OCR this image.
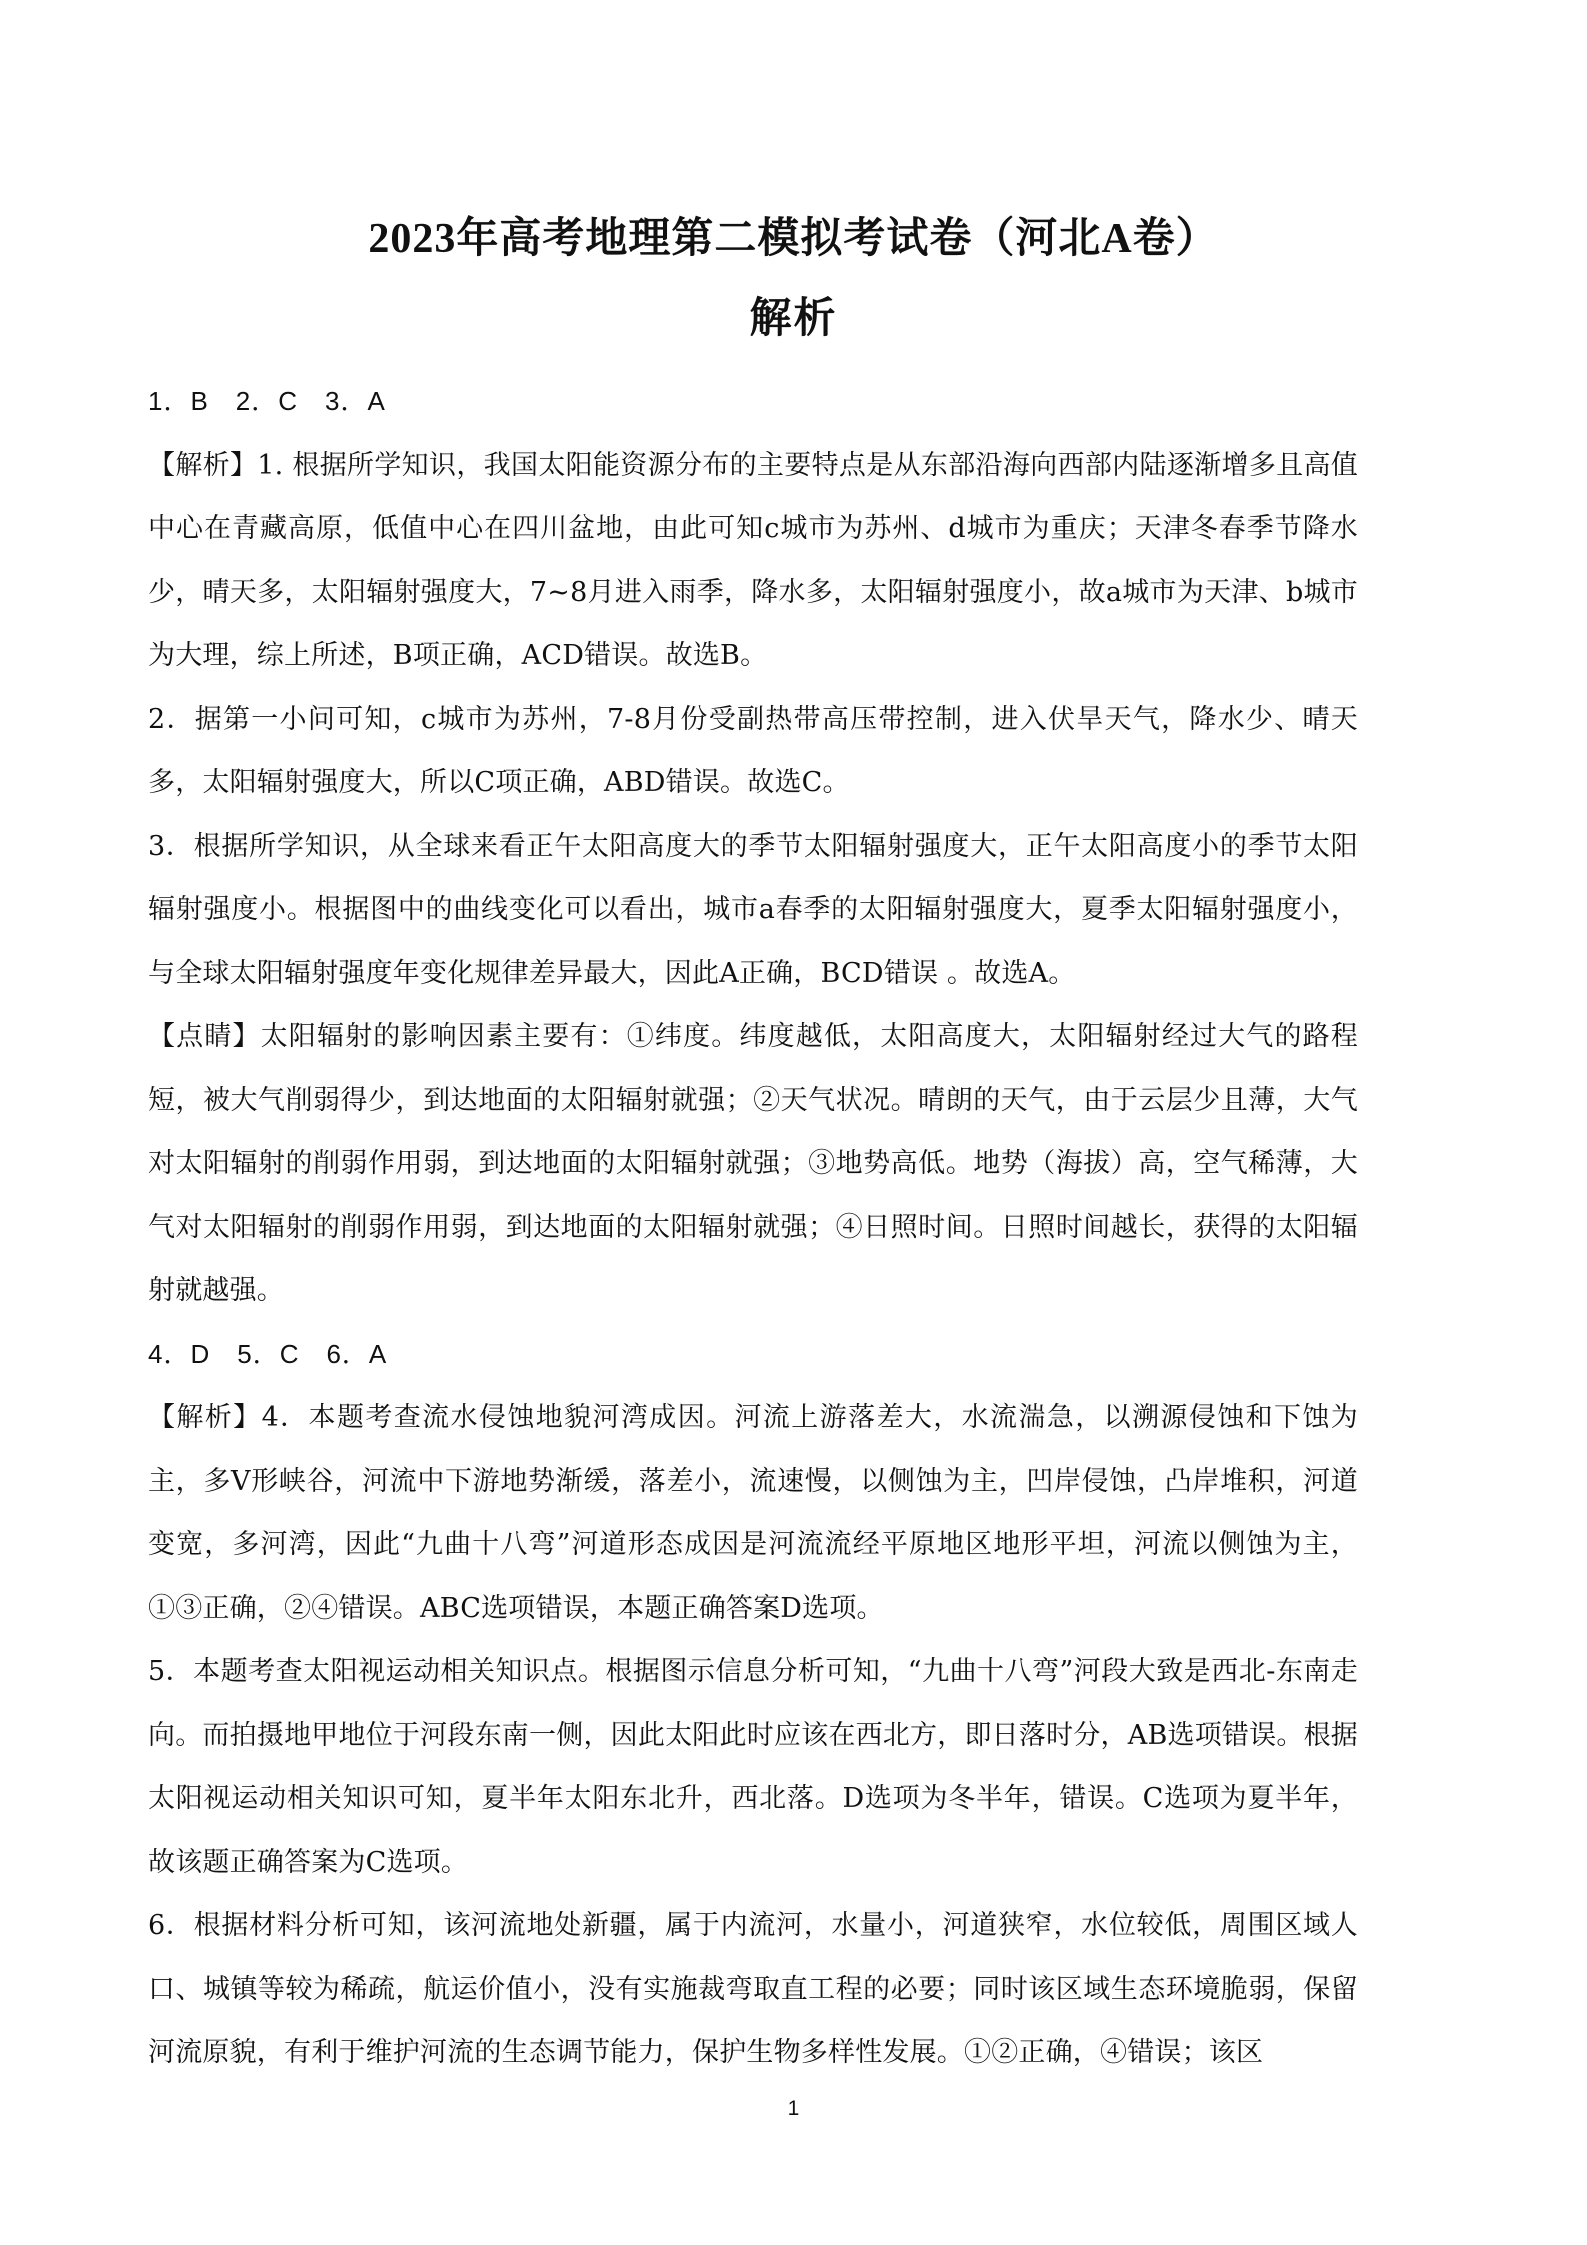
2023年高考地理第二模拟考试卷（河北A卷）
解析

1．B　2．C　3．A

【解析】1. 根据所学知识，我国太阳能资源分布的主要特点是从东部沿海向西部内陆逐渐增多且高值中心在青藏高原，低值中心在四川盆地，由此可知c城市为苏州、d城市为重庆；天津冬春季节降水少，晴天多，太阳辐射强度大，7~8月进入雨季，降水多，太阳辐射强度小，故a城市为天津、b城市为大理，综上所述，B项正确，ACD错误。故选B。

2．据第一小问可知，c城市为苏州，7-8月份受副热带高压带控制，进入伏旱天气，降水少、晴天多，太阳辐射强度大，所以C项正确，ABD错误。故选C。

3．根据所学知识，从全球来看正午太阳高度大的季节太阳辐射强度大，正午太阳高度小的季节太阳辐射强度小。根据图中的曲线变化可以看出，城市a春季的太阳辐射强度大，夏季太阳辐射强度小，与全球太阳辐射强度年变化规律差异最大，因此A正确，BCD错误 。故选A。

【点睛】太阳辐射的影响因素主要有：①纬度。纬度越低，太阳高度大，太阳辐射经过大气的路程短，被大气削弱得少，到达地面的太阳辐射就强；②天气状况。晴朗的天气，由于云层少且薄，大气对太阳辐射的削弱作用弱，到达地面的太阳辐射就强；③地势高低。地势（海拔）高，空气稀薄，大气对太阳辐射的削弱作用弱，到达地面的太阳辐射就强；④日照时间。日照时间越长，获得的太阳辐射就越强。

4．D　5．C　6．A

【解析】4．本题考查流水侵蚀地貌河湾成因。河流上游落差大，水流湍急，以溯源侵蚀和下蚀为主，多V形峡谷，河流中下游地势渐缓，落差小，流速慢，以侧蚀为主，凹岸侵蚀，凸岸堆积，河道变宽，多河湾，因此“九曲十八弯”河道形态成因是河流流经平原地区地形平坦，河流以侧蚀为主，①③正确，②④错误。ABC选项错误，本题正确答案D选项。

5．本题考查太阳视运动相关知识点。根据图示信息分析可知，“九曲十八弯”河段大致是西北-东南走向。而拍摄地甲地位于河段东南一侧，因此太阳此时应该在西北方，即日落时分，AB选项错误。根据太阳视运动相关知识可知，夏半年太阳东北升，西北落。D选项为冬半年，错误。C选项为夏半年，故该题正确答案为C选项。

6．根据材料分析可知，该河流地处新疆，属于内流河，水量小，河道狭窄，水位较低，周围区域人口、城镇等较为稀疏，航运价值小，没有实施裁弯取直工程的必要；同时该区域生态环境脆弱，保留河流原貌，有利于维护河流的生态调节能力，保护生物多样性发展。①②正确，④错误；该区

1
